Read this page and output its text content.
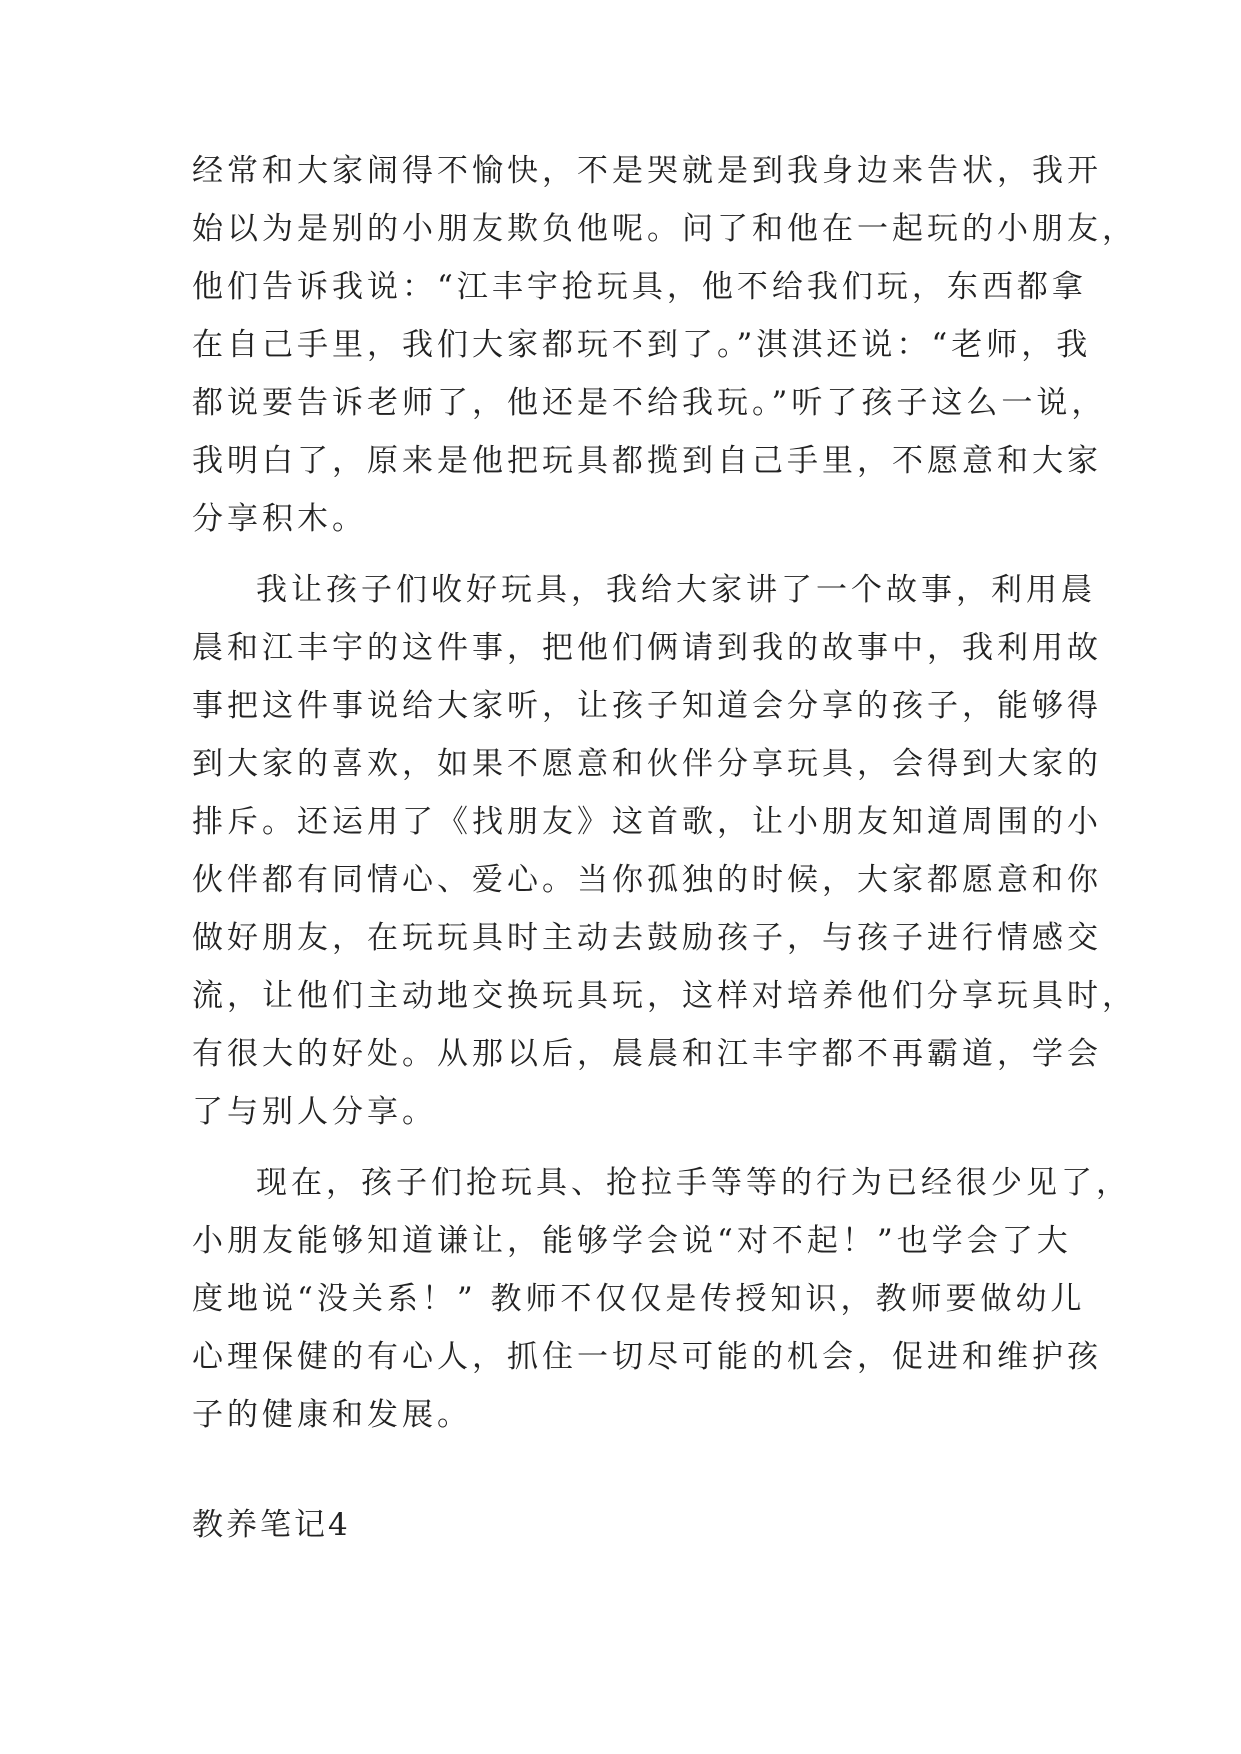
经常和大家闹得不愉快，不是哭就是到我身边来告状，我开
始以为是别的小朋友欺负他呢。问了和他在一起玩的小朋友，
他们告诉我说：“江丰宇抢玩具，他不给我们玩，东西都拿
在自己手里，我们大家都玩不到了。”淇淇还说：“老师，我
都说要告诉老师了，他还是不给我玩。”听了孩子这么一说，
我明白了，原来是他把玩具都揽到自己手里，不愿意和大家
分享积木。
我让孩子们收好玩具，我给大家讲了一个故事，利用晨
晨和江丰宇的这件事，把他们俩请到我的故事中，我利用故
事把这件事说给大家听，让孩子知道会分享的孩子，能够得
到大家的喜欢，如果不愿意和伙伴分享玩具，会得到大家的
排斥。还运用了《找朋友》这首歌，让小朋友知道周围的小
伙伴都有同情心、爱心。当你孤独的时候，大家都愿意和你
做好朋友，在玩玩具时主动去鼓励孩子，与孩子进行情感交
流，让他们主动地交换玩具玩，这样对培养他们分享玩具时，
有很大的好处。从那以后，晨晨和江丰宇都不再霸道，学会
了与别人分享。
现在，孩子们抢玩具、抢拉手等等的行为已经很少见了，
小朋友能够知道谦让，能够学会说“对不起！”也学会了大
度地说“没关系！” 教师不仅仅是传授知识，教师要做幼儿
心理保健的有心人，抓住一切尽可能的机会，促进和维护孩
子的健康和发展。
教养笔记4
